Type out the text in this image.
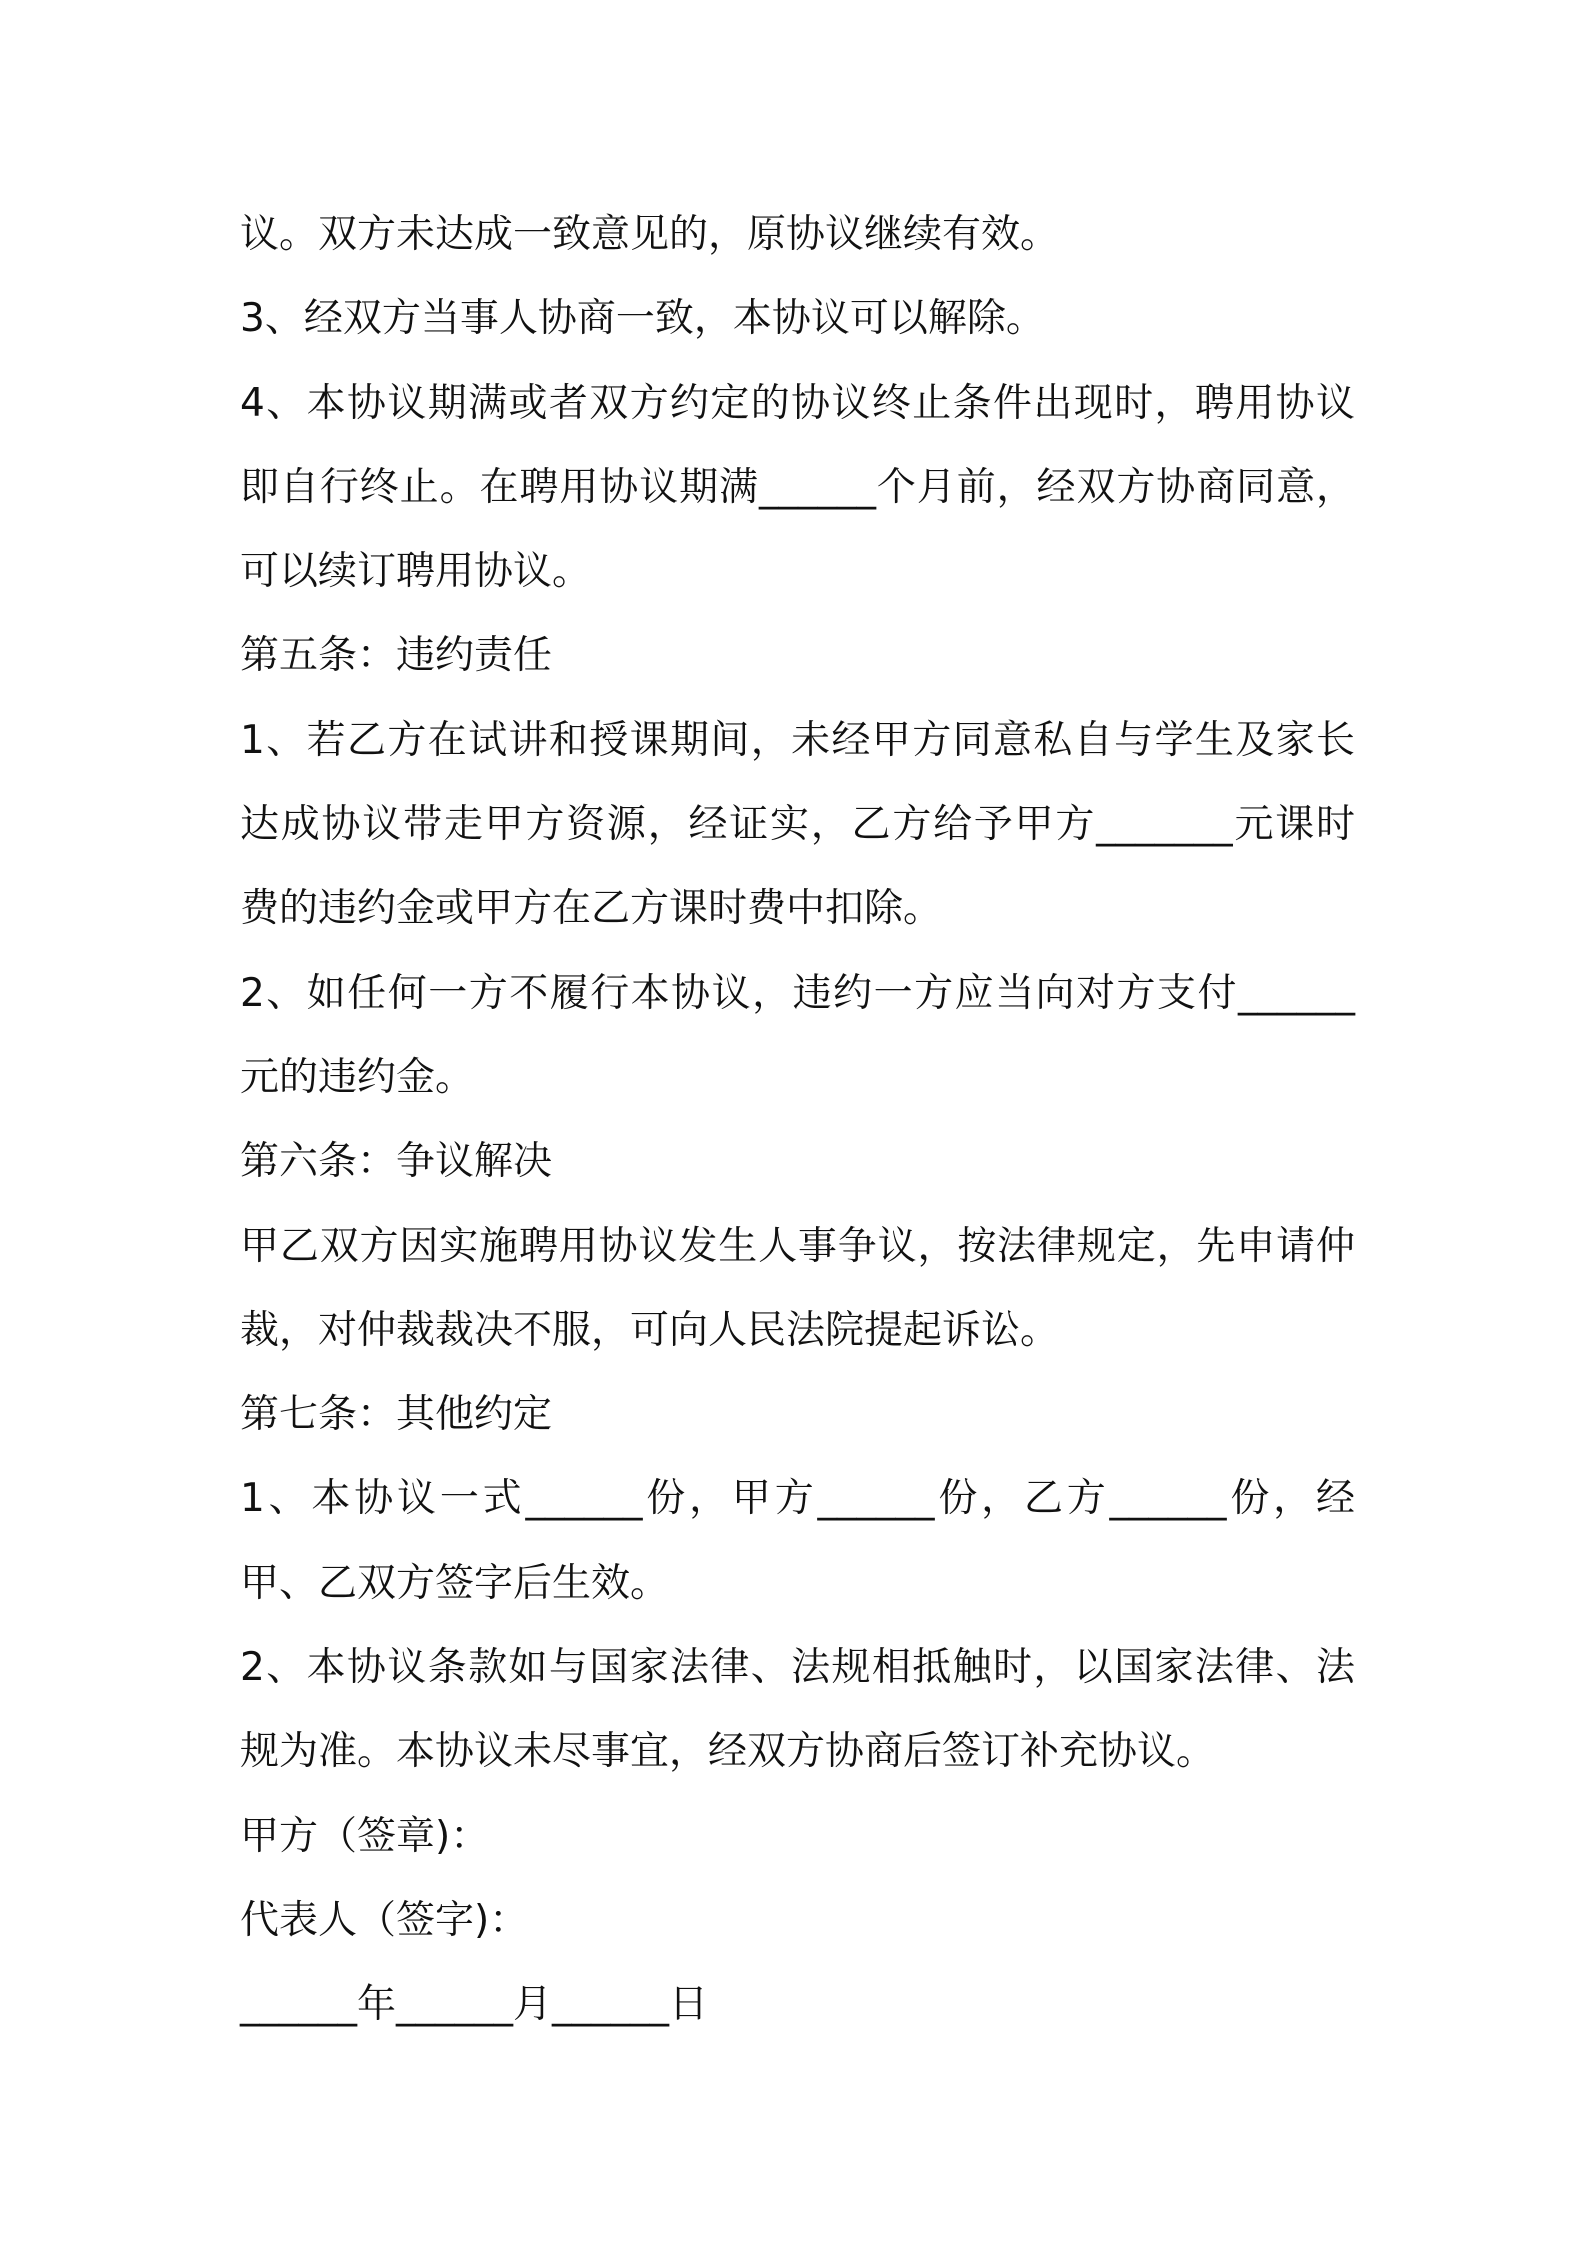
议。双方未达成一致意见的，原协议继续有效。
3、经双方当事人协商一致，本协议可以解除。
4、本协议期满或者双方约定的协议终止条件出现时，聘用协议
即自行终止。在聘用协议期满______个月前，经双方协商同意，
可以续订聘用协议。
第五条：违约责任
1、若乙方在试讲和授课期间，未经甲方同意私自与学生及家长
达成协议带走甲方资源，经证实，乙方给予甲方_______元课时
费的违约金或甲方在乙方课时费中扣除。
2、如任何一方不履行本协议，违约一方应当向对方支付______
元的违约金。
第六条：争议解决
甲乙双方因实施聘用协议发生人事争议，按法律规定，先申请仲
裁，对仲裁裁决不服，可向人民法院提起诉讼。
第七条：其他约定
1、本协议一式______份，甲方______份，乙方______份，经
甲、乙双方签字后生效。
2、本协议条款如与国家法律、法规相抵触时，以国家法律、法
规为准。本协议未尽事宜，经双方协商后签订补充协议。
甲方（签章)：
代表人（签字)：
______年______月______日
